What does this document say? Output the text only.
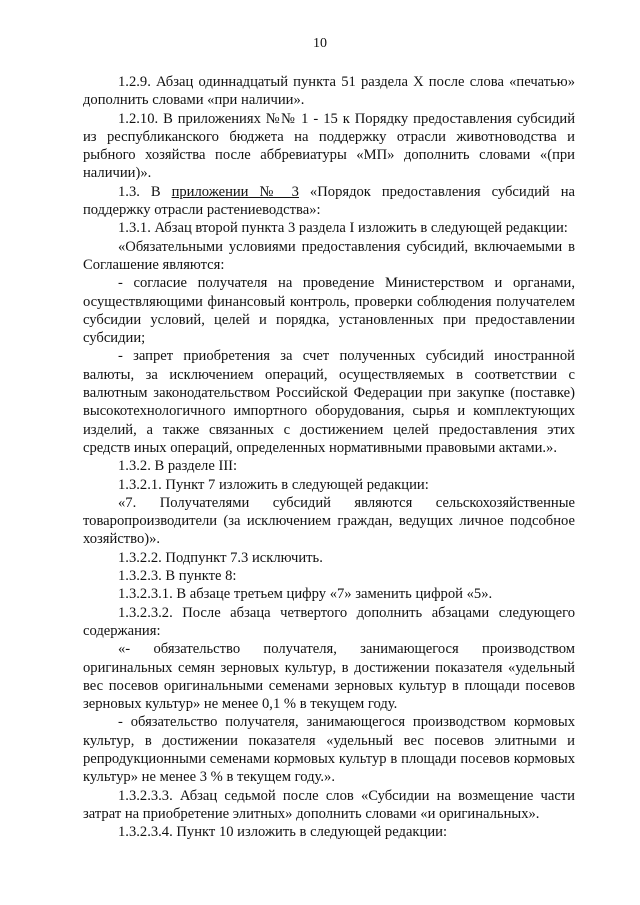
10

1.2.9. Абзац одиннадцатый пункта 51 раздела X после слова «печатью» дополнить словами «при наличии».

1.2.10. В приложениях №№ 1 - 15 к Порядку предоставления субсидий из республиканского бюджета на поддержку отрасли животноводства и рыбного хозяйства после аббревиатуры «МП» дополнить словами «(при наличии)».

1.3. В приложении № 3 «Порядок предоставления субсидий на поддержку отрасли растениеводства»:

1.3.1. Абзац второй пункта 3 раздела I изложить в следующей редакции:

«Обязательными условиями предоставления субсидий, включаемыми в Соглашение являются:

- согласие получателя на проведение Министерством и органами, осуществляющими финансовый контроль, проверки соблюдения получателем субсидии условий, целей и порядка, установленных при предоставлении субсидии;

- запрет приобретения за счет полученных субсидий иностранной валюты, за исключением операций, осуществляемых в соответствии с валютным законодательством Российской Федерации при закупке (поставке) высокотехнологичного импортного оборудования, сырья и комплектующих изделий, а также связанных с достижением целей предоставления этих средств иных операций, определенных нормативными правовыми актами.».

1.3.2. В разделе III:

1.3.2.1. Пункт 7 изложить в следующей редакции:

«7. Получателями субсидий являются сельскохозяйственные товаропроизводители (за исключением граждан, ведущих личное подсобное хозяйство)».

1.3.2.2. Подпункт 7.3 исключить.

1.3.2.3. В пункте 8:

1.3.2.3.1. В абзаце третьем цифру «7» заменить цифрой «5».

1.3.2.3.2. После абзаца четвертого дополнить абзацами следующего содержания:

«- обязательство получателя, занимающегося производством оригинальных семян зерновых культур, в достижении показателя «удельный вес посевов оригинальными семенами зерновых культур в площади посевов зерновых культур» не менее 0,1 % в текущем году.

- обязательство получателя, занимающегося производством кормовых культур, в достижении показателя «удельный вес посевов элитными и репродукционными семенами кормовых культур в площади посевов кормовых культур» не менее 3 % в текущем году.».

1.3.2.3.3. Абзац седьмой после слов «Субсидии на возмещение части затрат на приобретение элитных» дополнить словами «и оригинальных».

1.3.2.3.4. Пункт 10 изложить в следующей редакции:
